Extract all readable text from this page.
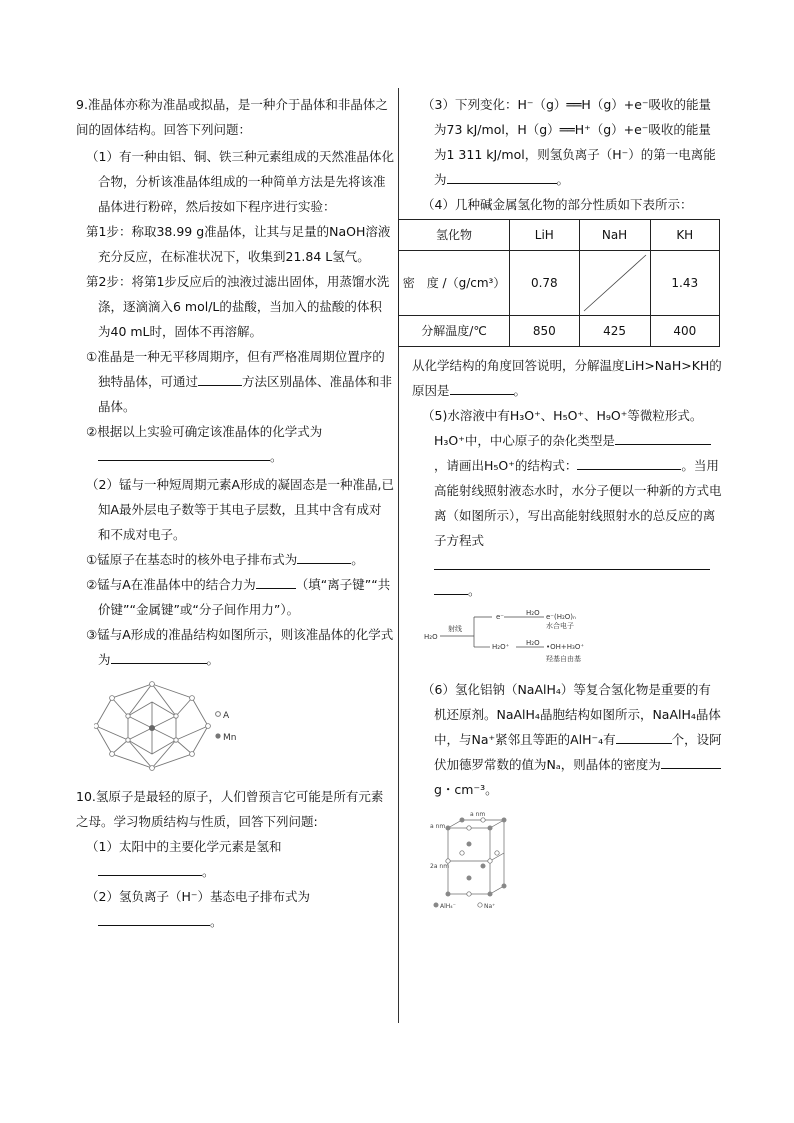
9.准晶体亦称为准晶或拟晶，是一种介于晶体和非晶体之间的固体结构。回答下列问题：

（1）有一种由铝、铜、铁三种元素组成的天然准晶体化合物，分析该准晶体组成的一种简单方法是先将该准晶体进行粉碎，然后按如下程序进行实验：

第1步：称取38.99 g准晶体，让其与足量的NaOH溶液充分反应，在标准状况下，收集到21.84 L氢气。

第2步：将第1步反应后的浊液过滤出固体，用蒸馏水洗涤，逐滴滴入6 mol/L的盐酸，当加入的盐酸的体积为40 mL时，固体不再溶解。

①准晶是一种无平移周期序，但有严格准周期位置序的独特晶体，可通过	方法区别晶体、准晶体和非晶体。

②根据以上实验可确定该准晶体的化学式为
。

（2）锰与一种短周期元素A形成的凝固态是一种准晶,已知A最外层电子数等于其电子层数，且其中含有成对和不成对电子。

①锰原子在基态时的核外电子排布式为	。

②锰与A在准晶体中的结合力为	（填“离子键”“共价键”“金属键”或“分子间作用力”）。

③锰与A形成的准晶结构如图所示，则该准晶体的化学式为	。

A
Mn

10.氢原子是最轻的原子，人们曾预言它可能是所有元素之母。学习物质结构与性质，回答下列问题:

（1）太阳中的主要化学元素是氢和
。

（2）氢负离子（H⁻）基态电子排布式为
。

（3）下列变化：H⁻（g）══H（g）+e⁻吸收的能量为73 kJ/mol，H（g）══H⁺（g）+e⁻吸收的能量为1 311 kJ/mol，则氢负离子（H⁻）的第一电离能为	。

（4）几种碱金属氢化物的部分性质如下表所示：

氢化物	LiH	NaH	KH
密　度 /（g/cm³）	0.78		1.43
分解温度/℃	850	425	400

从化学结构的角度回答说明，分解温度LiH>NaH>KH的原因是	。

（5)水溶液中有H₃O⁺、H₅O⁺、H₉O⁺等微粒形式。H₃O⁺中，中心原子的杂化类型是，请画出H₅O⁺的结构式：	。当用高能射线照射液态水时，水分子便以一种新的方式电离（如图所示），写出高能射线照射水的总反应的离子方程式

。

H₂O
射线
e⁻	H₂O e⁻(H₂O)ₙ
水合电子
H₂O⁺ H₂O •OH+H₃O⁺
羟基自由基

（6）氢化铝钠（NaAlH₄）等复合氢化物是重要的有机还原剂。NaAlH₄晶胞结构如图所示，NaAlH₄晶体中，与Na⁺紧邻且等距的AlH⁻₄有	个，设阿伏加德罗常数的值为Nₐ，则晶体的密度为g・cm⁻³。

a nm
a nm
2a nm
AlH₄⁻	Na⁺
